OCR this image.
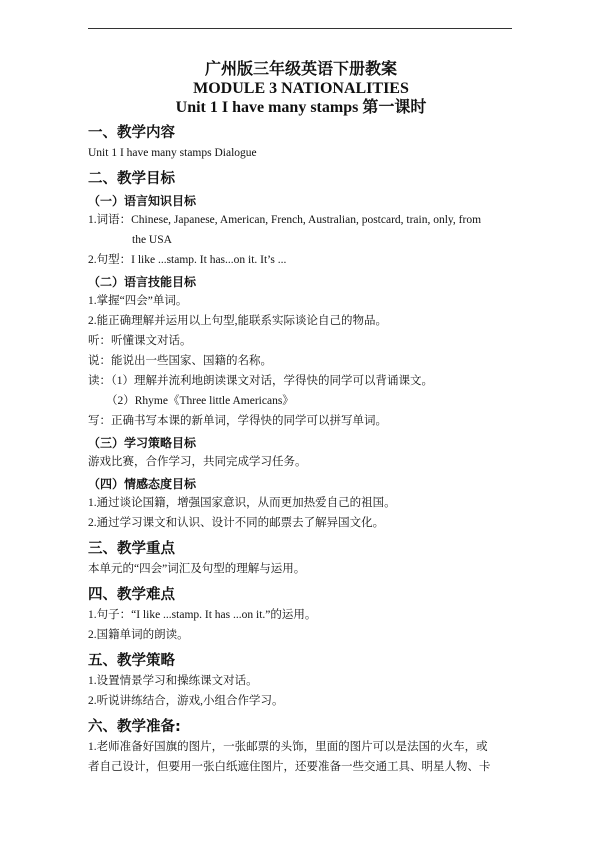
广州版三年级英语下册教案
MODULE 3 NATIONALITIES
Unit 1 I have many stamps 第一课时
一、教学内容
Unit 1 I have many stamps Dialogue
二、教学目标
（一）语言知识目标
1.词语：Chinese, Japanese, American, French, Australian, postcard, train, only, from
the USA
2.句型：I like ...stamp. It has...on it. It’s ...
（二）语言技能目标
1.掌握“四会”单词。
2.能正确理解并运用以上句型,能联系实际谈论自己的物品。
听：听懂课文对话。
说：能说出一些国家、国籍的名称。
读：（1）理解并流利地朗读课文对话，学得快的同学可以背诵课文。
（2）Rhyme《Three little Americans》
写：正确书写本课的新单词，学得快的同学可以拼写单词。
（三）学习策略目标
游戏比赛，合作学习，共同完成学习任务。
（四）情感态度目标
1.通过谈论国籍，增强国家意识，从而更加热爱自己的祖国。
2.通过学习课文和认识、设计不同的邮票去了解异国文化。
三、教学重点
本单元的“四会”词汇及句型的理解与运用。
四、教学难点
1.句子：“I like ...stamp. It has ...on it.”的运用。
2.国籍单词的朗读。
五、教学策略
1.设置情景学习和操练课文对话。
2.听说讲练结合，游戏,小组合作学习。
六、教学准备:
1.老师准备好国旗的图片，一张邮票的头饰，里面的图片可以是法国的火车，或
者自己设计，但要用一张白纸遮住图片，还要准备一些交通工具、明星人物、卡
